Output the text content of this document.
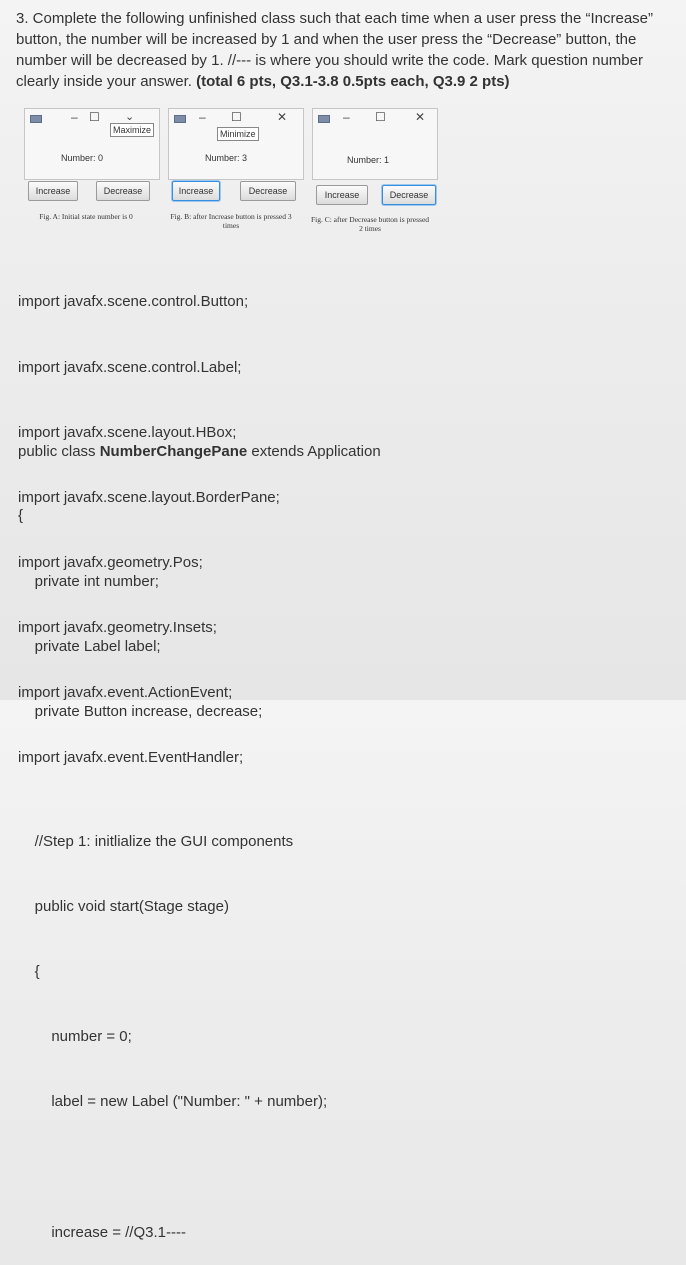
3. Complete the following unfinished class such that each time when a user press the “Increase” button, the number will be increased by 1 and when the user press the “Decrease” button, the number will be decreased by 1. //--- is where you should write the code. Mark question number clearly inside your answer. (total 6 pts, Q3.1-3.8 0.5pts each, Q3.9 2 pts)
– ☐ ⌄
Maximize
Number: 0
Increase	Decrease
Fig. A: Initial state number is 0
– ☐	✕
Minimize
Number: 3
Increase	Decrease
Fig. B: after Increase button is pressed 3 times
– ☐ ✕
Number: 1
Increase	Decrease
Fig. C: after Decrease button is pressed 2 times

import javafx.scene.control.Button;

import javafx.scene.control.Label;

import javafx.scene.layout.HBox;

import javafx.scene.layout.BorderPane;

import javafx.geometry.Pos;

import javafx.geometry.Insets;

import javafx.event.ActionEvent;

import javafx.event.EventHandler;

public class NumberChangePane extends Application

{

private int number;

private Label label;

private Button increase, decrease;

//Step 1: initlialize the GUI components

public void start(Stage stage)

{

number = 0;

label = new Label ("Number: " + number);

increase = //Q3.1----
